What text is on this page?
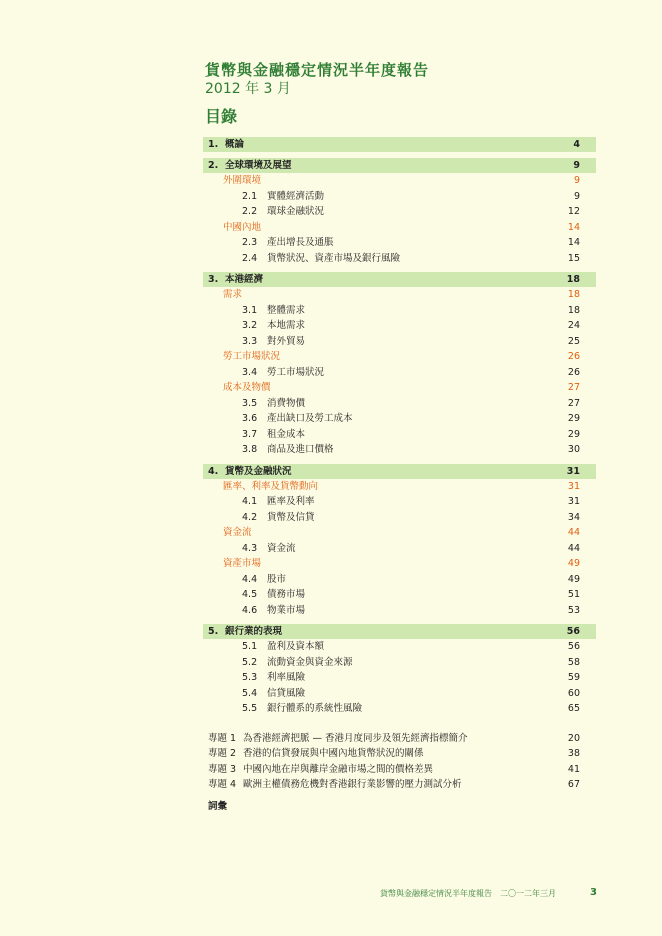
貨幣與金融穩定情況半年度報告
2012 年 3 月
目錄
1. 概論	4
2. 全球環境及展望	9
外圍環境	9
2.1 實體經濟活動	9
2.2 環球金融狀況	12
中國內地	14
2.3 產出增長及通脹	14
2.4 貨幣狀況、資產市場及銀行風險	15
3. 本港經濟	18
需求	18
3.1 整體需求	18
3.2 本地需求	24
3.3 對外貿易	25
勞工市場狀況	26
3.4 勞工市場狀況	26
成本及物價	27
3.5 消費物價	27
3.6 產出缺口及勞工成本	29
3.7 租金成本	29
3.8 商品及進口價格	30
4. 貨幣及金融狀況	31
匯率、利率及貨幣動向	31
4.1 匯率及利率	31
4.2 貨幣及信貸	34
資金流	44
4.3 資金流	44
資產市場	49
4.4 股市	49
4.5 債務市場	51
4.6 物業市場	53
5. 銀行業的表現	56
5.1 盈利及資本額	56
5.2 流動資金與資金來源	58
5.3 利率風險	59
5.4 信貸風險	60
5.5 銀行體系的系統性風險	65
專題 1 為香港經濟把脈 — 香港月度同步及領先經濟指標簡介	20
專題 2 香港的信貸發展與中國內地貨幣狀況的關係	38
專題 3 中國內地在岸與離岸金融市場之間的價格差異	41
專題 4 歐洲主權債務危機對香港銀行業影響的壓力測試分析	67
詞彙
貨幣與金融穩定情況半年度報告　二〇一二年三月	3
